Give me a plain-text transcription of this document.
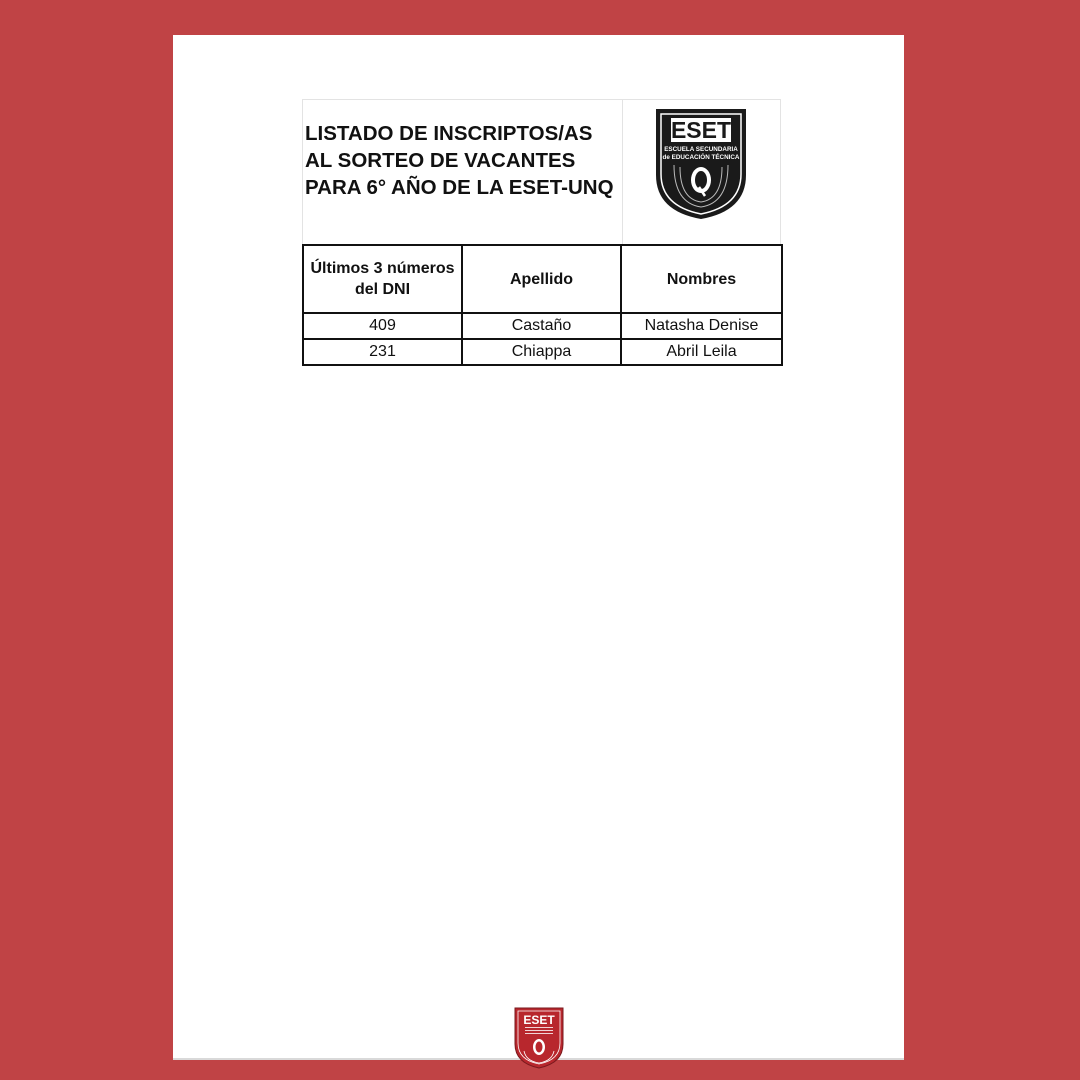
LISTADO DE INSCRIPTOS/AS AL SORTEO DE VACANTES PARA 6° AÑO DE LA ESET-UNQ
ESET
ESCUELA SECUNDARIA
de EDUCACIÓN TÉCNICA
Últimos 3 números del DNI	Apellido	Nombres
409	Castaño	Natasha Denise
231	Chiappa	Abril Leila
ESET
